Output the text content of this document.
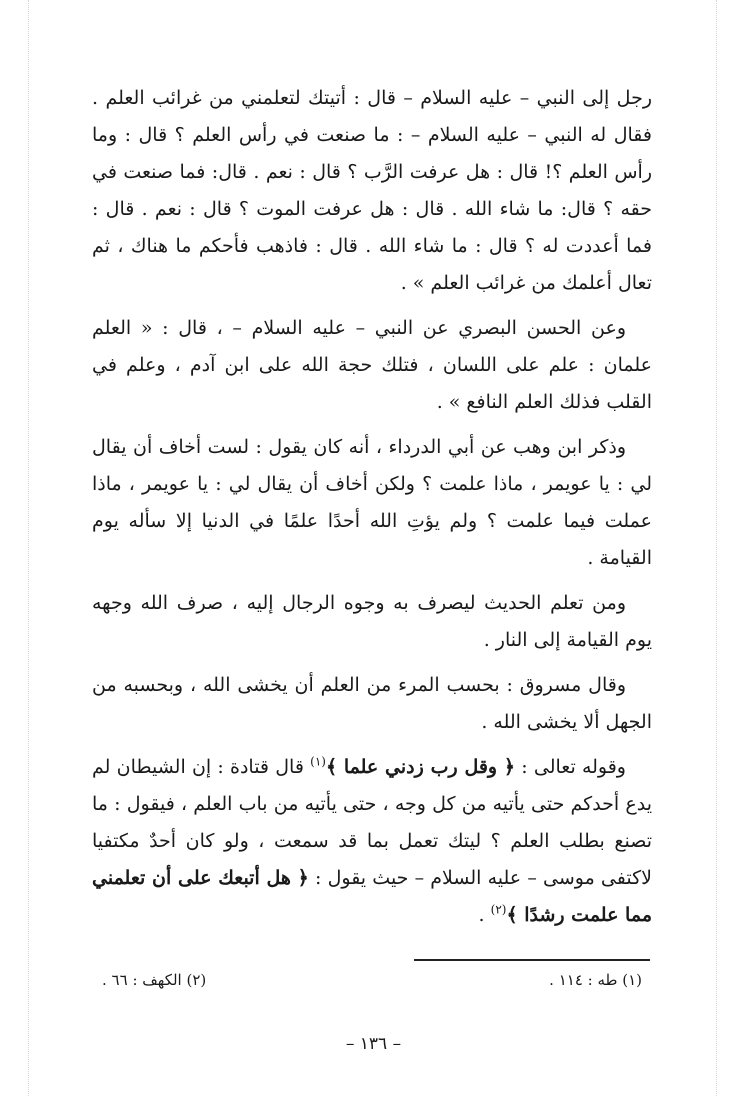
رجل إلى النبي – عليه السلام – قال : أتيتك لتعلمني من غرائب العلم . فقال له النبي – عليه السلام – : ما صنعت في رأس العلم ؟ قال : وما رأس العلم ؟! قال : هل عرفت الرَّب ؟ قال : نعم . قال: فما صنعت في حقه ؟ قال: ما شاء الله . قال : هل عرفت الموت ؟ قال : نعم . قال : فما أعددت له ؟ قال : ما شاء الله . قال : فاذهب فأحكم ما هناك ، ثم تعال أعلمك من غرائب العلم » .

وعن الحسن البصري عن النبي – عليه السلام – ، قال : « العلم علمان : علم على اللسان ، فتلك حجة الله على ابن آدم ، وعلم في القلب فذلك العلم النافع » .

وذكر ابن وهب عن أبي الدرداء ، أنه كان يقول : لست أخاف أن يقال لي : يا عويمر ، ماذا علمت ؟ ولكن أخاف أن يقال لي : يا عويمر ، ماذا عملت فيما علمت ؟ ولم يؤتِ الله أحدًا علمًا في الدنيا إلا سأله يوم القيامة .

ومن تعلم الحديث ليصرف به وجوه الرجال إليه ، صرف الله وجهه يوم القيامة إلى النار .

وقال مسروق : بحسب المرء من العلم أن يخشى الله ، وبحسبه من الجهل ألا يخشى الله .

وقوله تعالى : ﴿ وقل رب زدني علما ﴾$^{(١)}$ قال قتادة : إن الشيطان لم يدع أحدكم حتى يأتيه من كل وجه ، حتى يأتيه من باب العلم ، فيقول : ما تصنع بطلب العلم ؟ ليتك تعمل بما قد سمعت ، ولو كان أحدٌ مكتفيا لاكتفى موسى – عليه السلام – حيث يقول : ﴿ هل أتبعك على أن تعلمني مما علمت رشدًا ﴾$^{(٢)}$ .

(١) طه : ١١٤ .
(٢) الكهف : ٦٦ .
– ١٣٦ –
